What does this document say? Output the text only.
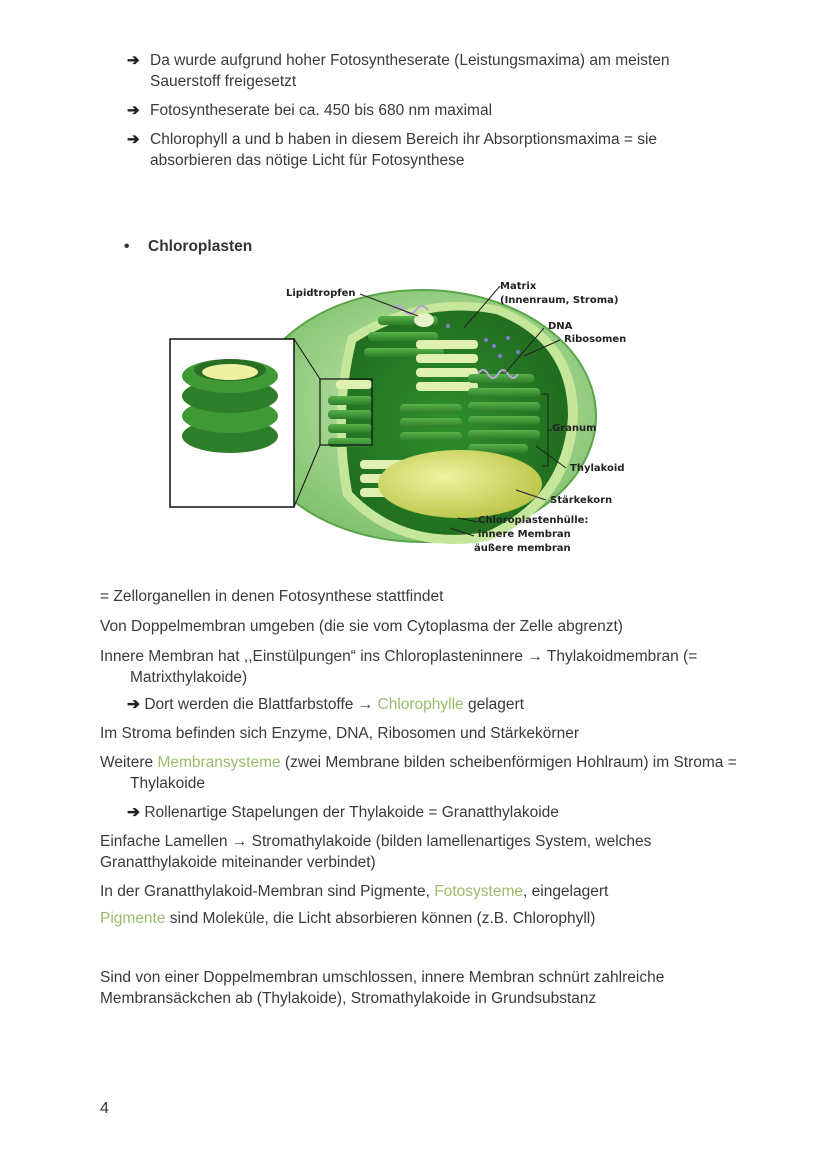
➔ Da wurde aufgrund hoher Fotosyntheserate (Leistungsmaxima) am meisten Sauerstoff freigesetzt
➔ Fotosyntheserate bei ca. 450 bis 680 nm maximal
➔ Chlorophyll a und b haben in diesem Bereich ihr Absorptionsmaxima = sie absorbieren das nötige Licht für Fotosynthese
• Chloroplasten
Lipidtropfen
Matrix
(Innenraum, Stroma)
DNA
Ribosomen
Granum
Thylakoid
Stärkekorn
Chloroplastenhülle:
innere Membran
äußere membran
Granum (vergrößert)
Das oberste der 5
Thylakoiden ist offen
dargestellt
= Zellorganellen in denen Fotosynthese stattfindet
Von Doppelmembran umgeben (die sie vom Cytoplasma der Zelle abgrenzt)
Innere Membran hat ,,Einstülpungen“ ins Chloroplasteninnere → Thylakoidmembran (= Matrixthylakoide)
➔ Dort werden die Blattfarbstoffe → Chlorophylle gelagert
Im Stroma befinden sich Enzyme, DNA, Ribosomen und Stärkekörner
Weitere Membransysteme (zwei Membrane bilden scheibenförmigen Hohlraum) im Stroma = Thylakoide
➔ Rollenartige Stapelungen der Thylakoide = Granatthylakoide
Einfache Lamellen → Stromathylakoide (bilden lamellenartiges System, welches Granatthylakoide miteinander verbindet)
In der Granatthylakoid-Membran sind Pigmente, Fotosysteme, eingelagert
Pigmente sind Moleküle, die Licht absorbieren können (z.B. Chlorophyll)
Sind von einer Doppelmembran umschlossen, innere Membran schnürt zahlreiche Membransäckchen ab (Thylakoide), Stromathylakoide in Grundsubstanz
4
